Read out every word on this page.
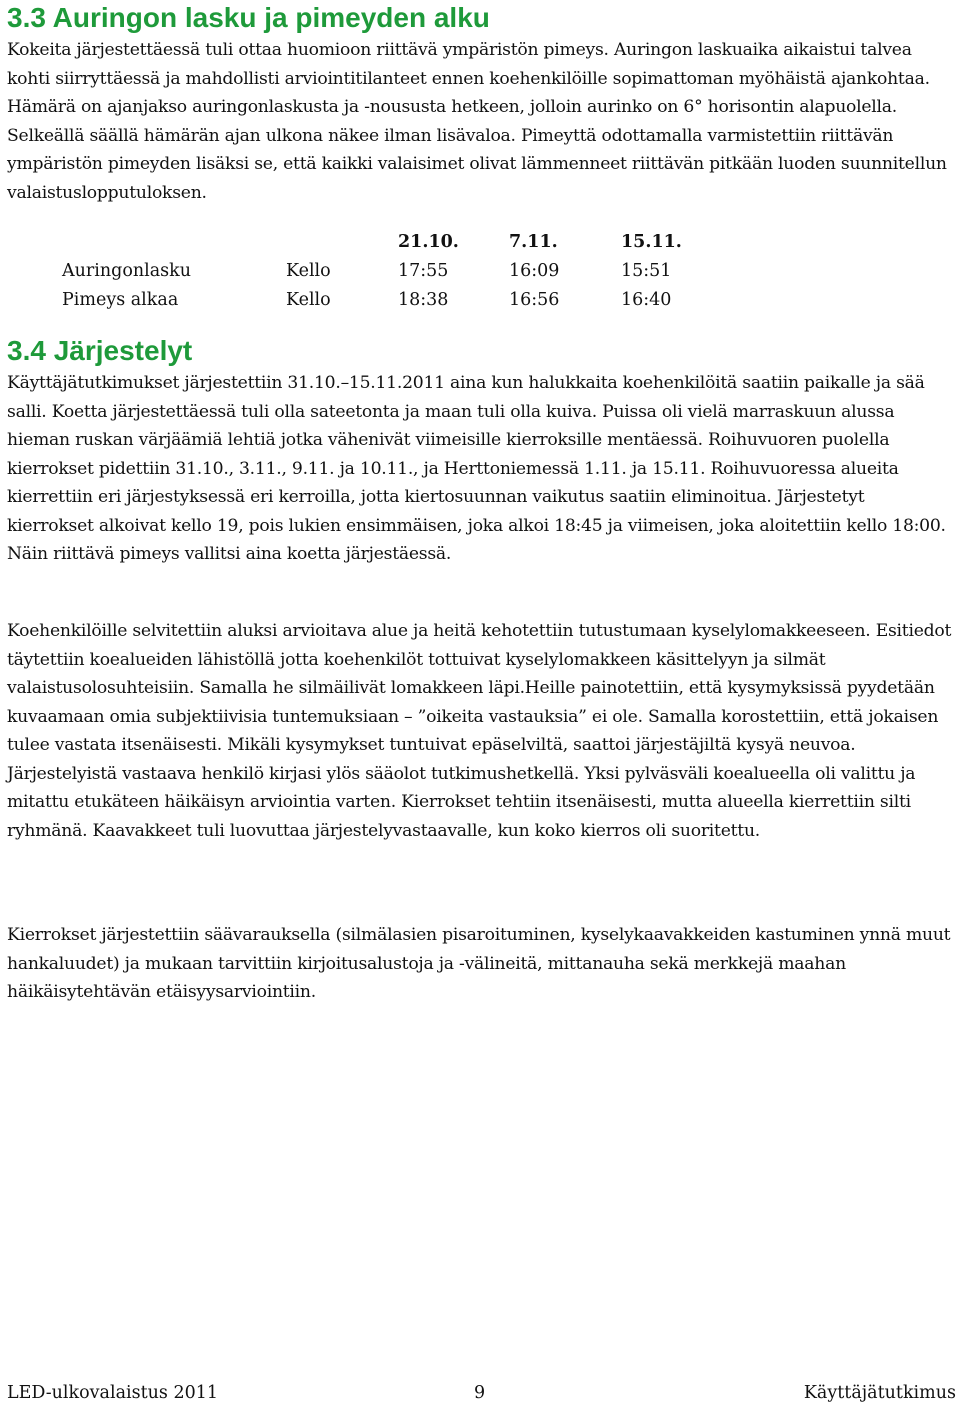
3.3 Auringon lasku ja pimeyden alku

Kokeita järjestettäessä tuli ottaa huomioon riittävä ympäristön pimeys. Auringon laskuaika aikaistui talvea kohti siirryttäessä ja mahdollisti arviointitilanteet ennen koehenkilöille sopimattoman myöhäistä ajankohtaa. Hämärä on ajanjakso auringonlaskusta ja -noususta hetkeen, jolloin aurinko on 6° horisontin alapuolella. Selkeällä säällä hämärän ajan ulkona näkee ilman lisävaloa. Pimeyttä odottamalla varmistettiin riittävän ympäristön pimeyden lisäksi se, että kaikki valaisimet olivat lämmenneet riittävän pitkään luoden suunnitellun valaistuslopputuloksen.

		21.10.	7.11.	15.11.
Auringonlasku	Kello	17:55	16:09	15:51
Pimeys alkaa	Kello	18:38	16:56	16:40
3.4 Järjestelyt

Käyttäjätutkimukset järjestettiin 31.10.–15.11.2011 aina kun halukkaita koehenkilöitä saatiin paikalle ja sää salli. Koetta järjestettäessä tuli olla sateetonta ja maan tuli olla kuiva. Puissa oli vielä marraskuun alussa hieman ruskan värjäämiä lehtiä jotka vähenivät viimeisille kierroksille mentäessä. Roihuvuoren puolella kierrokset pidettiin 31.10., 3.11., 9.11. ja 10.11., ja Herttoniemessä 1.11. ja 15.11. Roihuvuoressa alueita kierrettiin eri järjestyksessä eri kerroilla, jotta kiertosuunnan vaikutus saatiin eliminoitua. Järjestetyt kierrokset alkoivat kello 19, pois lukien ensimmäisen, joka alkoi 18:45 ja viimeisen, joka aloitettiin kello 18:00. Näin riittävä pimeys vallitsi aina koetta järjestäessä.

Koehenkilöille selvitettiin aluksi arvioitava alue ja heitä kehotettiin tutustumaan kyselylomakkeeseen. Esitiedot täytettiin koealueiden lähistöllä jotta koehenkilöt tottuivat kyselylomakkeen käsittelyyn ja silmät valaistusolosuhteisiin. Samalla he silmäilivät lomakkeen läpi.Heille painotettiin, että kysymyksissä pyydetään kuvaamaan omia subjektiivisia tuntemuksiaan – ”oikeita vastauksia” ei ole. Samalla korostettiin, että jokaisen tulee vastata itsenäisesti. Mikäli kysymykset tuntuivat epäselviltä, saattoi järjestäjiltä kysyä neuvoa. Järjestelyistä vastaava henkilö kirjasi ylös sääolot tutkimushetkellä. Yksi pylväsväli koealueella oli valittu ja mitattu etukäteen häikäisyn arviointia varten. Kierrokset tehtiin itsenäisesti, mutta alueella kierrettiin silti ryhmänä. Kaavakkeet tuli luovuttaa järjestelyvastaavalle, kun koko kierros oli suoritettu.

Kierrokset järjestettiin säävarauksella (silmälasien pisaroituminen, kyselykaavakkeiden kastuminen ynnä muut hankaluudet) ja mukaan tarvittiin kirjoitusalustoja ja -välineitä, mittanauha sekä merkkejä maahan häikäisytehtävän etäisyysarviointiin.

LED-ulkovalaistus 2011	9	Käyttäjätutkimus
